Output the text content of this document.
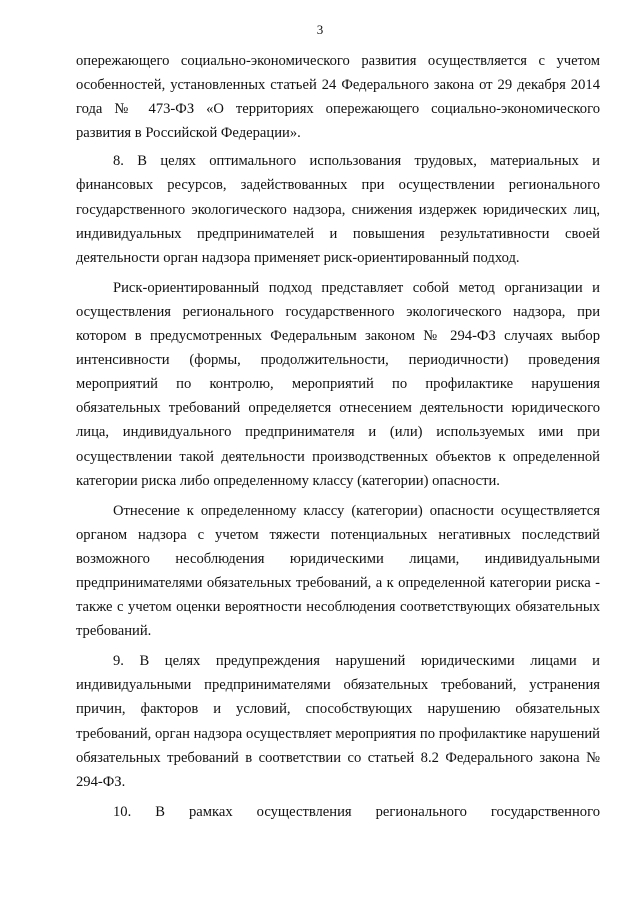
3

опережающего социально-экономического развития осуществляется с учетом особенностей, установленных статьей 24 Федерального закона от 29 декабря 2014 года № 473-ФЗ «О территориях опережающего социально-экономического развития в Российской Федерации».

8. В целях оптимального использования трудовых, материальных и финансовых ресурсов, задействованных при осуществлении регионального государственного экологического надзора, снижения издержек юридических лиц, индивидуальных предпринимателей и повышения результативности своей деятельности орган надзора применяет риск-ориентированный подход.

Риск-ориентированный подход представляет собой метод организации и осуществления регионального государственного экологического надзора, при котором в предусмотренных Федеральным законом № 294-ФЗ случаях выбор интенсивности (формы, продолжительности, периодичности) проведения мероприятий по контролю, мероприятий по профилактике нарушения обязательных требований определяется отнесением деятельности юридического лица, индивидуального предпринимателя и (или) используемых ими при осуществлении такой деятельности производственных объектов к определенной категории риска либо определенному классу (категории) опасности.

Отнесение к определенному классу (категории) опасности осуществляется органом надзора с учетом тяжести потенциальных негативных последствий возможного несоблюдения юридическими лицами, индивидуальными предпринимателями обязательных требований, а к определенной категории риска - также с учетом оценки вероятности несоблюдения соответствующих обязательных требований.

9. В целях предупреждения нарушений юридическими лицами и индивидуальными предпринимателями обязательных требований, устранения причин, факторов и условий, способствующих нарушению обязательных требований, орган надзора осуществляет мероприятия по профилактике нарушений обязательных требований в соответствии со статьей 8.2 Федерального закона № 294-ФЗ.

10. В рамках осуществления регионального государственного
